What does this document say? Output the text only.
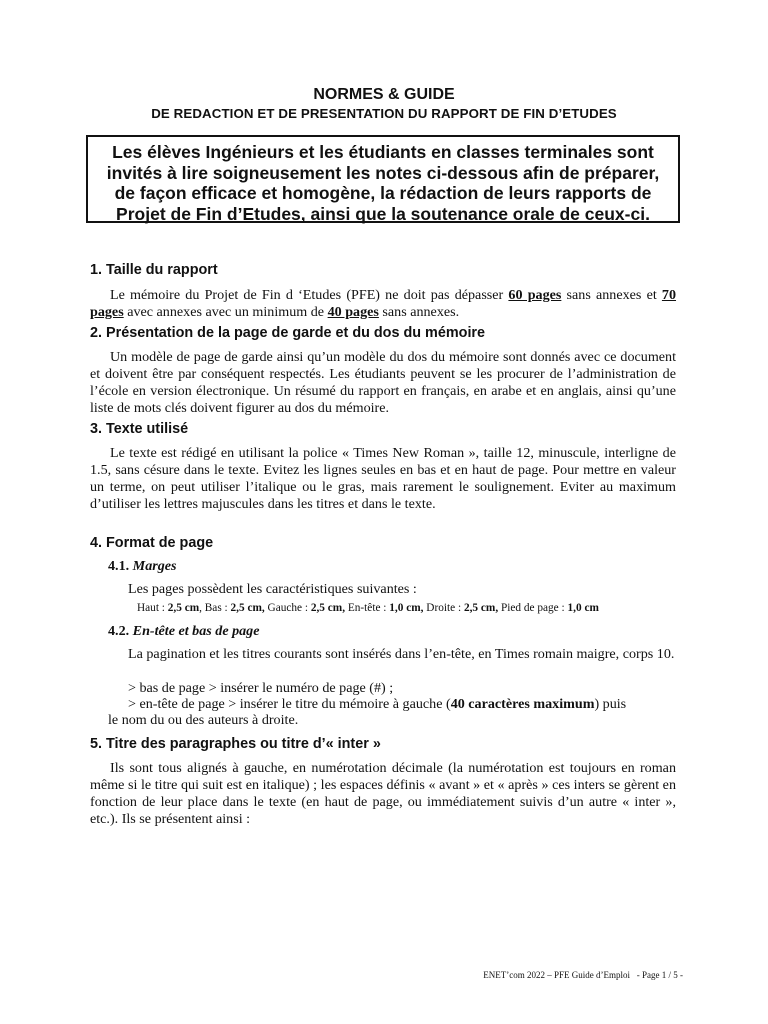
NORMES & GUIDE
DE REDACTION ET DE PRESENTATION DU RAPPORT DE FIN D’ETUDES

Les élèves Ingénieurs et les étudiants en classes terminales sont

invités à lire soigneusement les notes ci-dessous afin de préparer,

de façon efficace et homogène, la rédaction de leurs rapports de

Projet de Fin d’Etudes, ainsi que la soutenance orale de ceux-ci.

1. Taille du rapport

Le mémoire du Projet de Fin d ‘Etudes (PFE) ne doit pas dépasser 60 pages sans annexes et 70 pages avec annexes avec un minimum de 40 pages sans annexes.

2. Présentation de la page de garde et du dos du mémoire

Un modèle de page de garde ainsi qu’un modèle du dos du mémoire sont donnés avec ce document et doivent être par conséquent respectés. Les étudiants peuvent se les procurer de l’administration de l’école en version électronique. Un résumé du rapport en français, en arabe et en anglais, ainsi qu’une liste de mots clés doivent figurer au dos du mémoire.

3. Texte utilisé

Le texte est rédigé en utilisant la police « Times New Roman », taille 12, minuscule, interligne de 1.5, sans césure dans le texte. Evitez les lignes seules en bas et en haut de page. Pour mettre en valeur un terme, on peut utiliser l’italique ou le gras, mais rarement le soulignement. Eviter au maximum d’utiliser les lettres majuscules dans les titres et dans le texte.

4. Format de page
4.1. Marges
Les pages possèdent les caractéristiques suivantes :
Haut : 2,5 cm, Bas : 2,5 cm, Gauche : 2,5 cm, En-tête : 1,0 cm, Droite : 2,5 cm, Pied de page : 1,0 cm
4.2. En-tête et bas de page

La pagination et les titres courants sont insérés dans l’en-tête, en Times romain maigre, corps 10.

> bas de page > insérer le numéro de page (#) ;
> en-tête de page > insérer le titre du mémoire à gauche (40 caractères maximum) puis
le nom du ou des auteurs à droite.
5. Titre des paragraphes ou titre d’« inter »

Ils sont tous alignés à gauche, en numérotation décimale (la numérotation est toujours en roman même si le titre qui suit est en italique) ; les espaces définis « avant » et « après » ces inters se gèrent en fonction de leur place dans le texte (en haut de page, ou immédiatement suivis d’un autre « inter », etc.). Ils se présentent ainsi :

ENET’com 2022 – PFE Guide d’Emploi - Page 1 / 5 -
